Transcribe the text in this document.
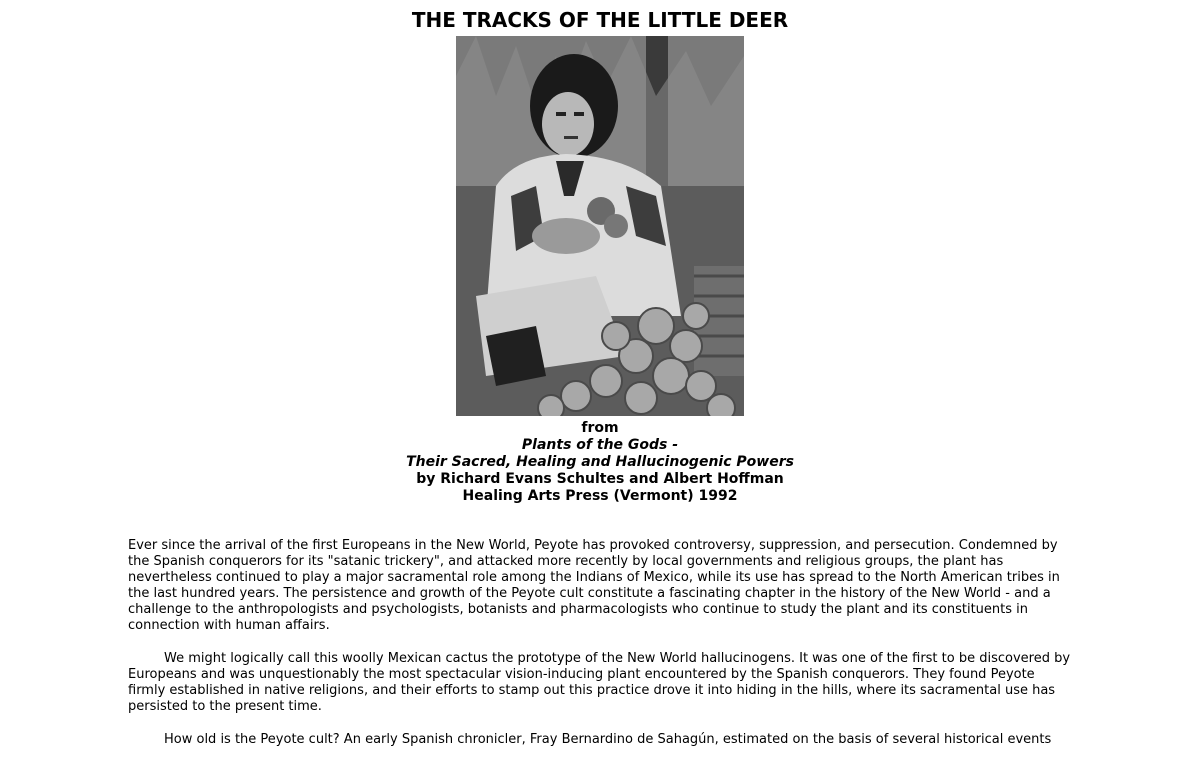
THE TRACKS OF THE LITTLE DEER
from
Plants of the Gods -
Their Sacred, Healing and Hallucinogenic Powers
by Richard Evans Schultes and Albert Hoffman
Healing Arts Press (Vermont) 1992

Ever since the arrival of the first Europeans in the New World, Peyote has provoked controversy, suppression, and persecution. Condemned by the Spanish conquerors for its "satanic trickery", and attacked more recently by local governments and religious groups, the plant has nevertheless continued to play a major sacramental role among the Indians of Mexico, while its use has spread to the North American tribes in the last hundred years. The persistence and growth of the Peyote cult constitute a fascinating chapter in the history of the New World - and a challenge to the anthropologists and psychologists, botanists and pharmacologists who continue to study the plant and its constituents in connection with human affairs.

We might logically call this woolly Mexican cactus the prototype of the New World hallucinogens. It was one of the first to be discovered by Europeans and was unquestionably the most spectacular vision-inducing plant encountered by the Spanish conquerors. They found Peyote firmly established in native religions, and their efforts to stamp out this practice drove it into hiding in the hills, where its sacramental use has persisted to the present time.

How old is the Peyote cult? An early Spanish chronicler, Fray Bernardino de Sahagún, estimated on the basis of several historical events
